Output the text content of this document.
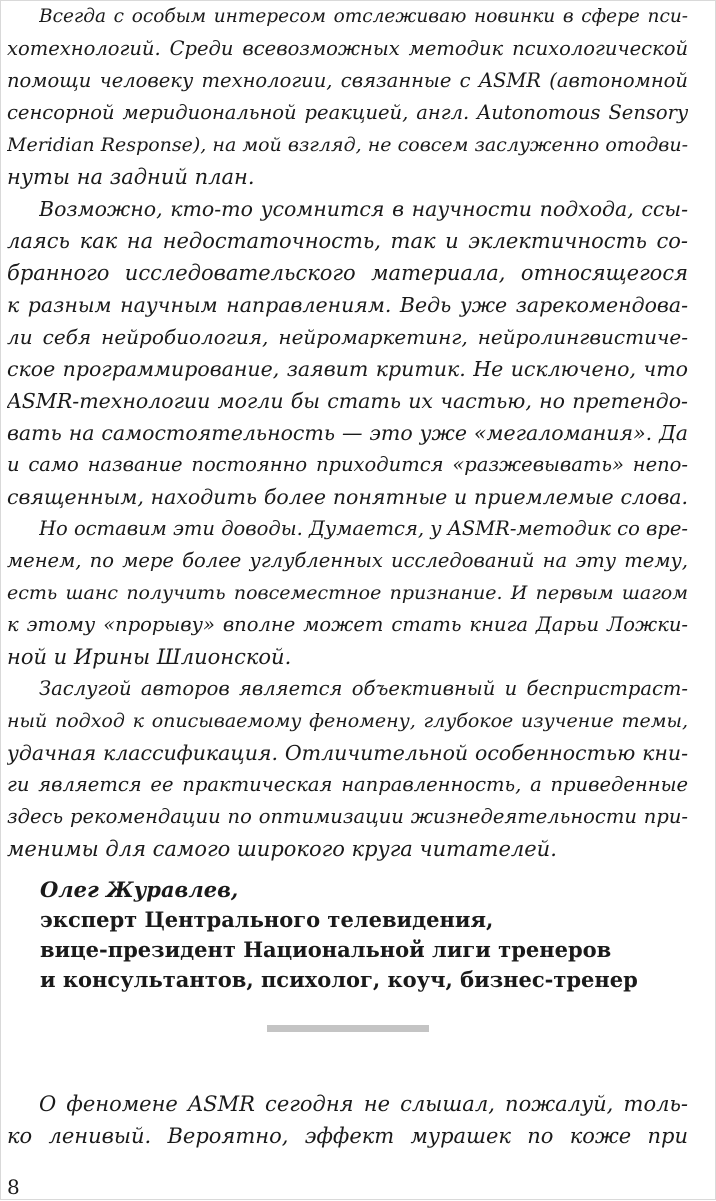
Всегда с особым интересом отслеживаю новинки в сфере пси-
хотехнологий. Среди всевозможных методик психологической
помощи человеку технологии, связанные с ASMR (автономной
сенсорной меридиональной реакцией, англ. Autonomous Sensory
Meridian Response), на мой взгляд, не совсем заслуженно отодви-
нуты на задний план.
Возможно, кто-то усомнится в научности подхода, ссы-
лаясь как на недостаточность, так и эклектичность со-
бранного исследовательского материала, относящегося
к разным научным направлениям. Ведь уже зарекомендова-
ли себя нейробиология, нейромаркетинг, нейролингвистиче-
ское программирование, заявит критик. Не исключено, что
ASMR-технологии могли бы стать их частью, но претендо-
вать на самостоятельность — это уже «мегаломания». Да
и само название постоянно приходится «разжевывать» непо-
священным, находить более понятные и приемлемые слова.
Но оставим эти доводы. Думается, у ASMR-методик со вре-
менем, по мере более углубленных исследований на эту тему,
есть шанс получить повсеместное признание. И первым шагом
к этому «прорыву» вполне может стать книга Дарьи Ложки-
ной и Ирины Шлионской.
Заслугой авторов является объективный и беспристраст-
ный подход к описываемому феномену, глубокое изучение темы,
удачная классификация. Отличительной особенностью кни-
ги является ее практическая направленность, а приведенные
здесь рекомендации по оптимизации жизнедеятельности при-
менимы для самого широкого круга читателей.
Олег Журавлев,
эксперт Центрального телевидения,
вице-президент Национальной лиги тренеров
и консультантов, психолог, коуч, бизнес-тренер
О феномене ASMR сегодня не слышал, пожалуй, толь-
ко ленивый. Вероятно, эффект мурашек по коже при
8
